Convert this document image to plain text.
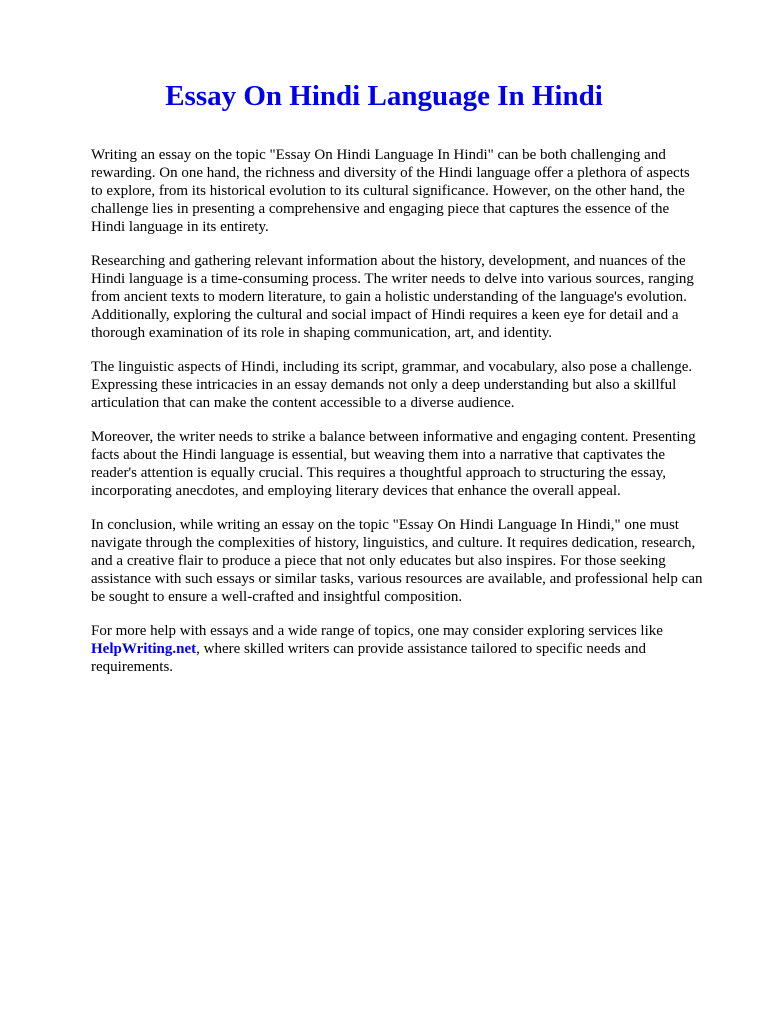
Essay On Hindi Language In Hindi

Writing an essay on the topic "Essay On Hindi Language In Hindi" can be both challenging and rewarding. On one hand, the richness and diversity of the Hindi language offer a plethora of aspects to explore, from its historical evolution to its cultural significance. However, on the other hand, the challenge lies in presenting a comprehensive and engaging piece that captures the essence of the Hindi language in its entirety.

Researching and gathering relevant information about the history, development, and nuances of the Hindi language is a time-consuming process. The writer needs to delve into various sources, ranging from ancient texts to modern literature, to gain a holistic understanding of the language's evolution. Additionally, exploring the cultural and social impact of Hindi requires a keen eye for detail and a thorough examination of its role in shaping communication, art, and identity.

The linguistic aspects of Hindi, including its script, grammar, and vocabulary, also pose a challenge. Expressing these intricacies in an essay demands not only a deep understanding but also a skillful articulation that can make the content accessible to a diverse audience.

Moreover, the writer needs to strike a balance between informative and engaging content. Presenting facts about the Hindi language is essential, but weaving them into a narrative that captivates the reader's attention is equally crucial. This requires a thoughtful approach to structuring the essay, incorporating anecdotes, and employing literary devices that enhance the overall appeal.

In conclusion, while writing an essay on the topic "Essay On Hindi Language In Hindi," one must navigate through the complexities of history, linguistics, and culture. It requires dedication, research, and a creative flair to produce a piece that not only educates but also inspires. For those seeking assistance with such essays or similar tasks, various resources are available, and professional help can be sought to ensure a well-crafted and insightful composition.

For more help with essays and a wide range of topics, one may consider exploring services like HelpWriting.net, where skilled writers can provide assistance tailored to specific needs and requirements.
